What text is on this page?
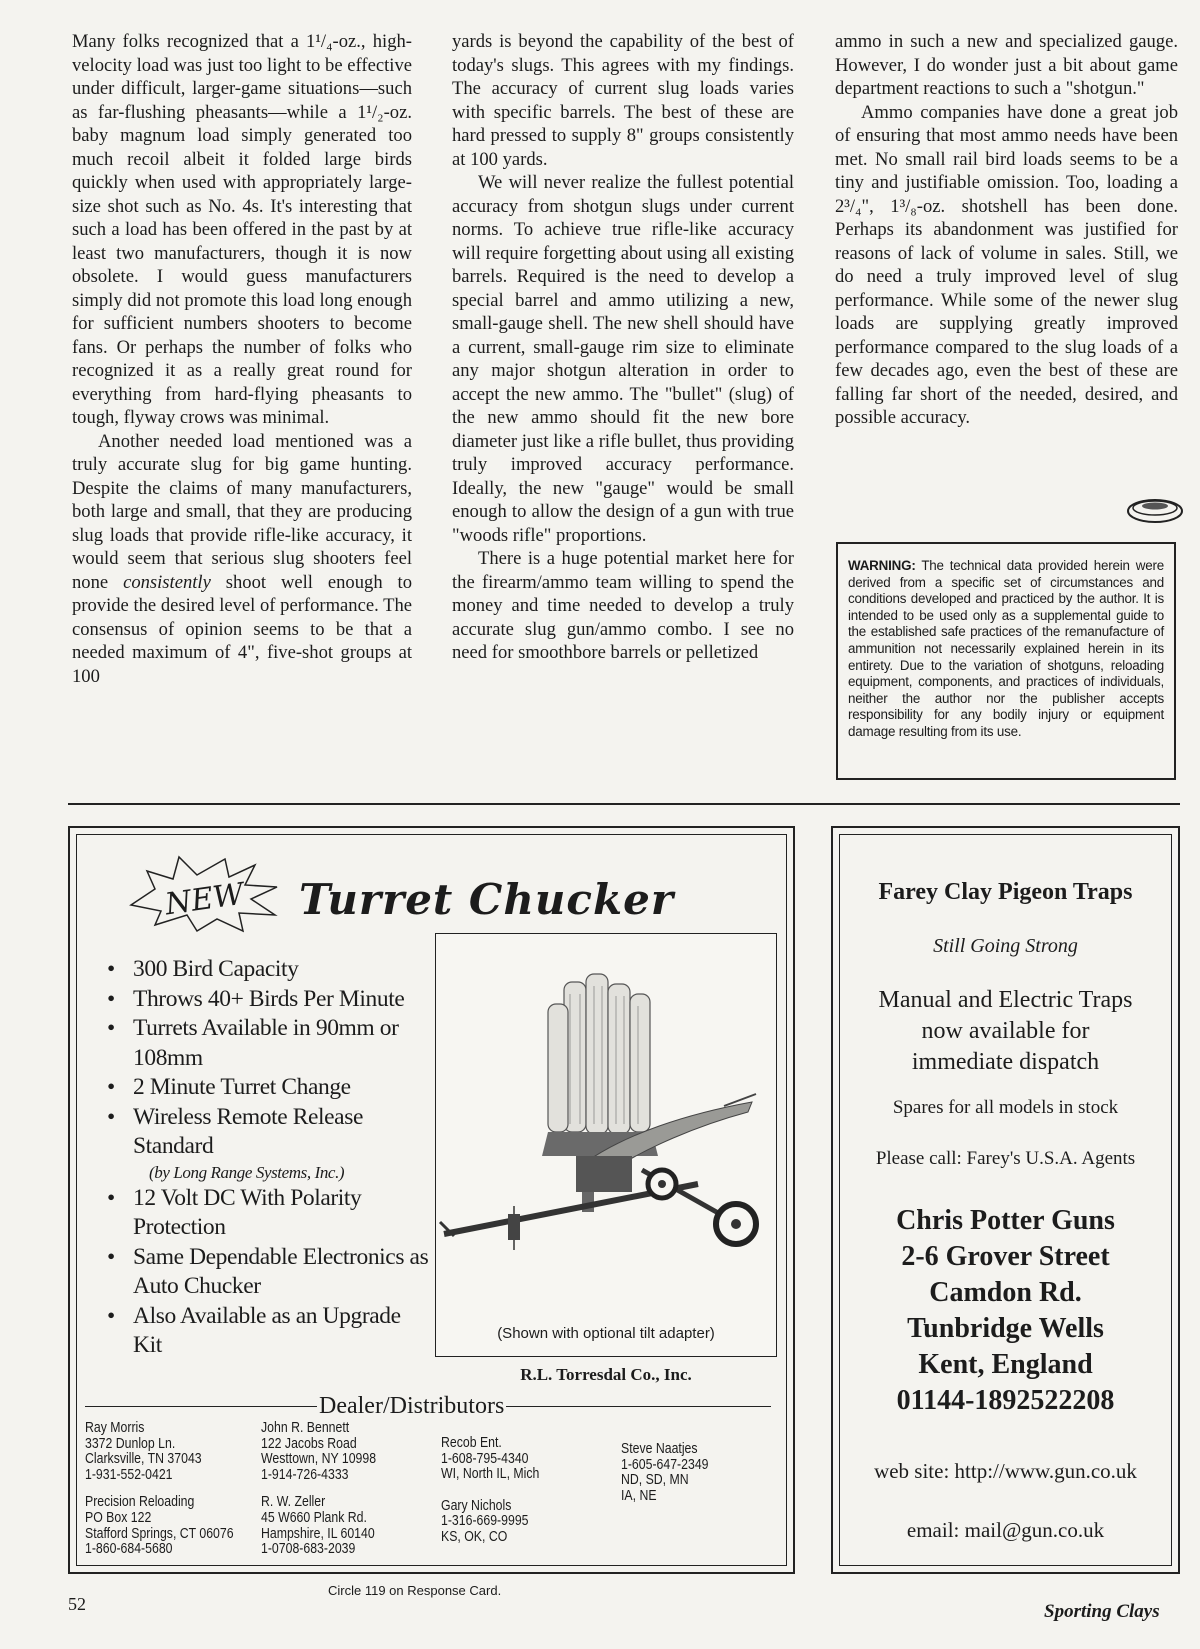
Many folks recognized that a 1¹/₄-oz., high-velocity load was just too light to be effective under difficult, larger-game situations—such as far-flushing pheasants—while a 1¹/₂-oz. baby magnum load simply generated too much recoil albeit it folded large birds quickly when used with appropriately large-size shot such as No. 4s. It's interesting that such a load has been offered in the past by at least two manufacturers, though it is now obsolete. I would guess manufacturers simply did not promote this load long enough for sufficient numbers shooters to become fans. Or perhaps the number of folks who recognized it as a really great round for everything from hard-flying pheasants to tough, flyway crows was minimal.

Another needed load mentioned was a truly accurate slug for big game hunting. Despite the claims of many manufacturers, both large and small, that they are producing slug loads that provide rifle-like accuracy, it would seem that serious slug shooters feel none consistently shoot well enough to provide the desired level of performance. The consensus of opinion seems to be that a needed maximum of 4", five-shot groups at 100

yards is beyond the capability of the best of today's slugs. This agrees with my findings. The accuracy of current slug loads varies with specific barrels. The best of these are hard pressed to supply 8" groups consistently at 100 yards.

We will never realize the fullest potential accuracy from shotgun slugs under current norms. To achieve true rifle-like accuracy will require forgetting about using all existing barrels. Required is the need to develop a special barrel and ammo utilizing a new, small-gauge shell. The new shell should have a current, small-gauge rim size to eliminate any major shotgun alteration in order to accept the new ammo. The "bullet" (slug) of the new ammo should fit the new bore diameter just like a rifle bullet, thus providing truly improved accuracy performance. Ideally, the new "gauge" would be small enough to allow the design of a gun with true "woods rifle" proportions.

There is a huge potential market here for the firearm/ammo team willing to spend the money and time needed to develop a truly accurate slug gun/ammo combo. I see no need for smoothbore barrels or pelletized

ammo in such a new and specialized gauge. However, I do wonder just a bit about game department reactions to such a "shotgun."

Ammo companies have done a great job of ensuring that most ammo needs have been met. No small rail bird loads seems to be a tiny and justifiable omission. Too, loading a 2³/₄", 1³/₈-oz. shotshell has been done. Perhaps its abandonment was justified for reasons of lack of volume in sales. Still, we do need a truly improved level of slug performance. While some of the newer slug loads are supplying greatly improved performance compared to the slug loads of a few decades ago, even the best of these are falling far short of the needed, desired, and possible accuracy.

WARNING: The technical data provided herein were derived from a specific set of circumstances and conditions developed and practiced by the author. It is intended to be used only as a supplemental guide to the established safe practices of the remanufacture of ammunition not necessarily explained herein in its entirety. Due to the variation of shotguns, reloading equipment, components, and practices of individuals, neither the author nor the publisher accepts responsibility for any bodily injury or equipment damage resulting from its use.
NEW Turret Chucker
• 300 Bird Capacity
• Throws 40+ Birds Per Minute
• Turrets Available in 90mm or 108mm
• 2 Minute Turret Change
• Wireless Remote Release Standard
(by Long Range Systems, Inc.)
• 12 Volt DC With Polarity Protection
• Same Dependable Electronics as Auto Chucker
• Also Available as an Upgrade Kit	(Shown with optional tilt adapter)
R.L. Torresdal Co., Inc.
Dealer/Distributors
Ray Morris
3372 Dunlop Ln.
Clarksville, TN 37043
1-931-552-0421
Precision Reloading
PO Box 122
Stafford Springs, CT 06076
1-860-684-5680
John R. Bennett
122 Jacobs Road
Westtown, NY 10998
1-914-726-4333
R. W. Zeller
45 W660 Plank Rd.
Hampshire, IL 60140
1-0708-683-2039
Recob Ent.
1-608-795-4340
WI, North IL, Mich
Gary Nichols
1-316-669-9995
KS, OK, CO
Steve Naatjes
1-605-647-2349
ND, SD, MN
IA, NE
Circle 119 on Response Card.
Farey Clay Pigeon Traps
Still Going Strong
Manual and Electric Traps
now available for
immediate dispatch
Spares for all models in stock
Please call: Farey's U.S.A. Agents
Chris Potter Guns
2-6 Grover Street
Camdon Rd.
Tunbridge Wells
Kent, England
01144-1892522208
web site: http://www.gun.co.uk
email: mail@gun.co.uk
52	Sporting Clays
